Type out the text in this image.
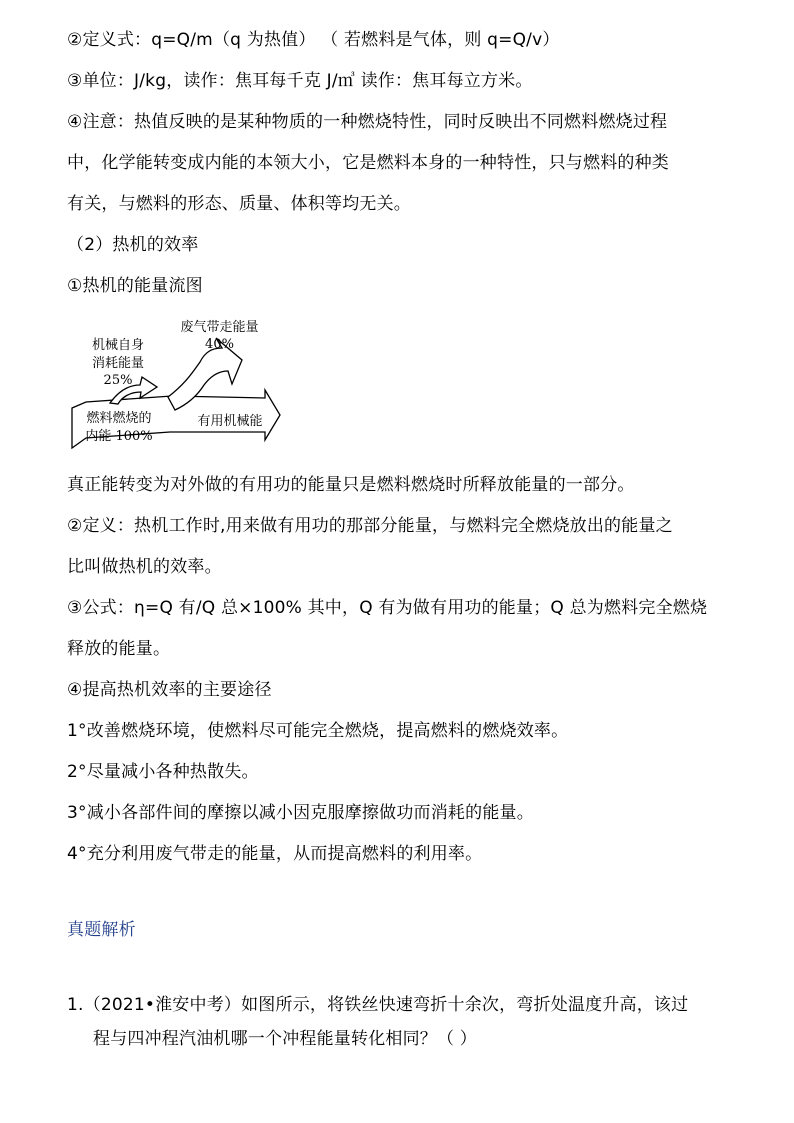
②定义式：q=Q/m（q 为热值） （ 若燃料是气体，则 q=Q/v）
③单位：J/kg，读作：焦耳每千克 J/㎥ 读作：焦耳每立方米。
④注意：热值反映的是某种物质的一种燃烧特性，同时反映出不同燃料燃烧过程
中，化学能转变成内能的本领大小，它是燃料本身的一种特性，只与燃料的种类
有关，与燃料的形态、质量、体积等均无关。
（2）热机的效率
①热机的能量流图
真正能转变为对外做的有用功的能量只是燃料燃烧时所释放能量的一部分。
②定义：热机工作时,用来做有用功的那部分能量，与燃料完全燃烧放出的能量之
比叫做热机的效率。
③公式：η=Q 有/Q 总×100% 其中，Q 有为做有用功的能量；Q 总为燃料完全燃烧
释放的能量。
④提高热机效率的主要途径
1°改善燃烧环境，使燃料尽可能完全燃烧，提高燃料的燃烧效率。
2°尽量减小各种热散失。
3°减小各部件间的摩擦以减小因克服摩擦做功而消耗的能量。
4°充分利用废气带走的能量，从而提高燃料的利用率。
真题解析
1.（2021•淮安中考）如图所示，将铁丝快速弯折十余次，弯折处温度升高，该过
程与四冲程汽油机哪一个冲程能量转化相同？（ ）
废气带走能量
40%
机械自身
消耗能量
25%
燃料燃烧的
内能 100%
有用机械能
